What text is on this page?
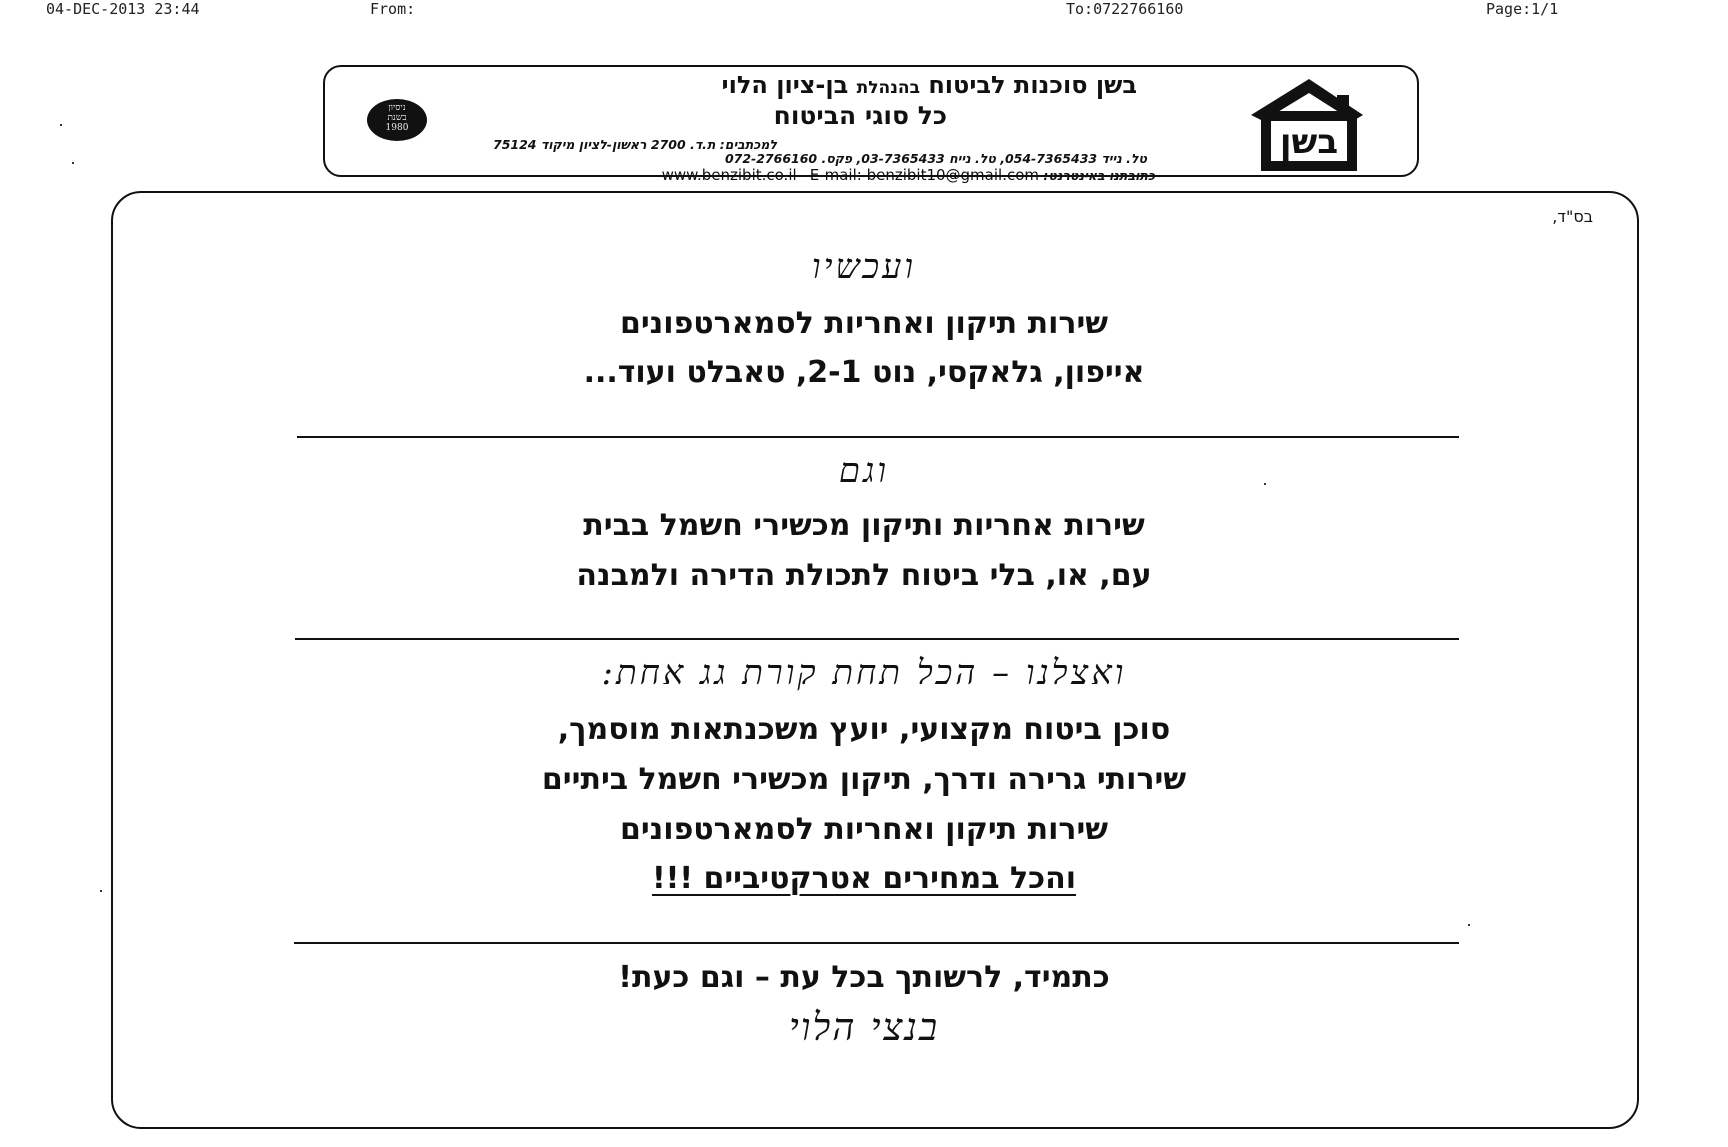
04-DEC-2013 23:44	From:	To:0722766160	Page:1/1
ניסיון
בשנת
1980
בשן סוכנות לביטוח בהנהלת בן-ציון הלוי
כל סוגי הביטוח
למכתבים: ת.ד. 2700 ראשון-לציון מיקוד 75124
טל. נייד 054-7365433, טל. נייח 03-7365433, פקס. 072-2766160
כתובתנו באינטרנט: www.benzibit.co.il E-mail: benzibit10@gmail.com
בשן
בס"ד,
ועכשיו
שירות תיקון ואחריות לסמארטפונים
אייפון, גלאקסי, נוט 2-1, טאבלט ועוד...
וגם
שירות אחריות ותיקון מכשירי חשמל בבית
עם, או, בלי ביטוח לתכולת הדירה ולמבנה
ואצלנו – הכל תחת קורת גג אחת:
סוכן ביטוח מקצועי, יועץ משכנתאות מוסמך,
שירותי גרירה ודרך, תיקון מכשירי חשמל ביתיים
שירות תיקון ואחריות לסמארטפונים
והכל במחירים אטרקטיביים !!!
כתמיד, לרשותך בכל עת – וגם כעת!
בנצי הלוי
